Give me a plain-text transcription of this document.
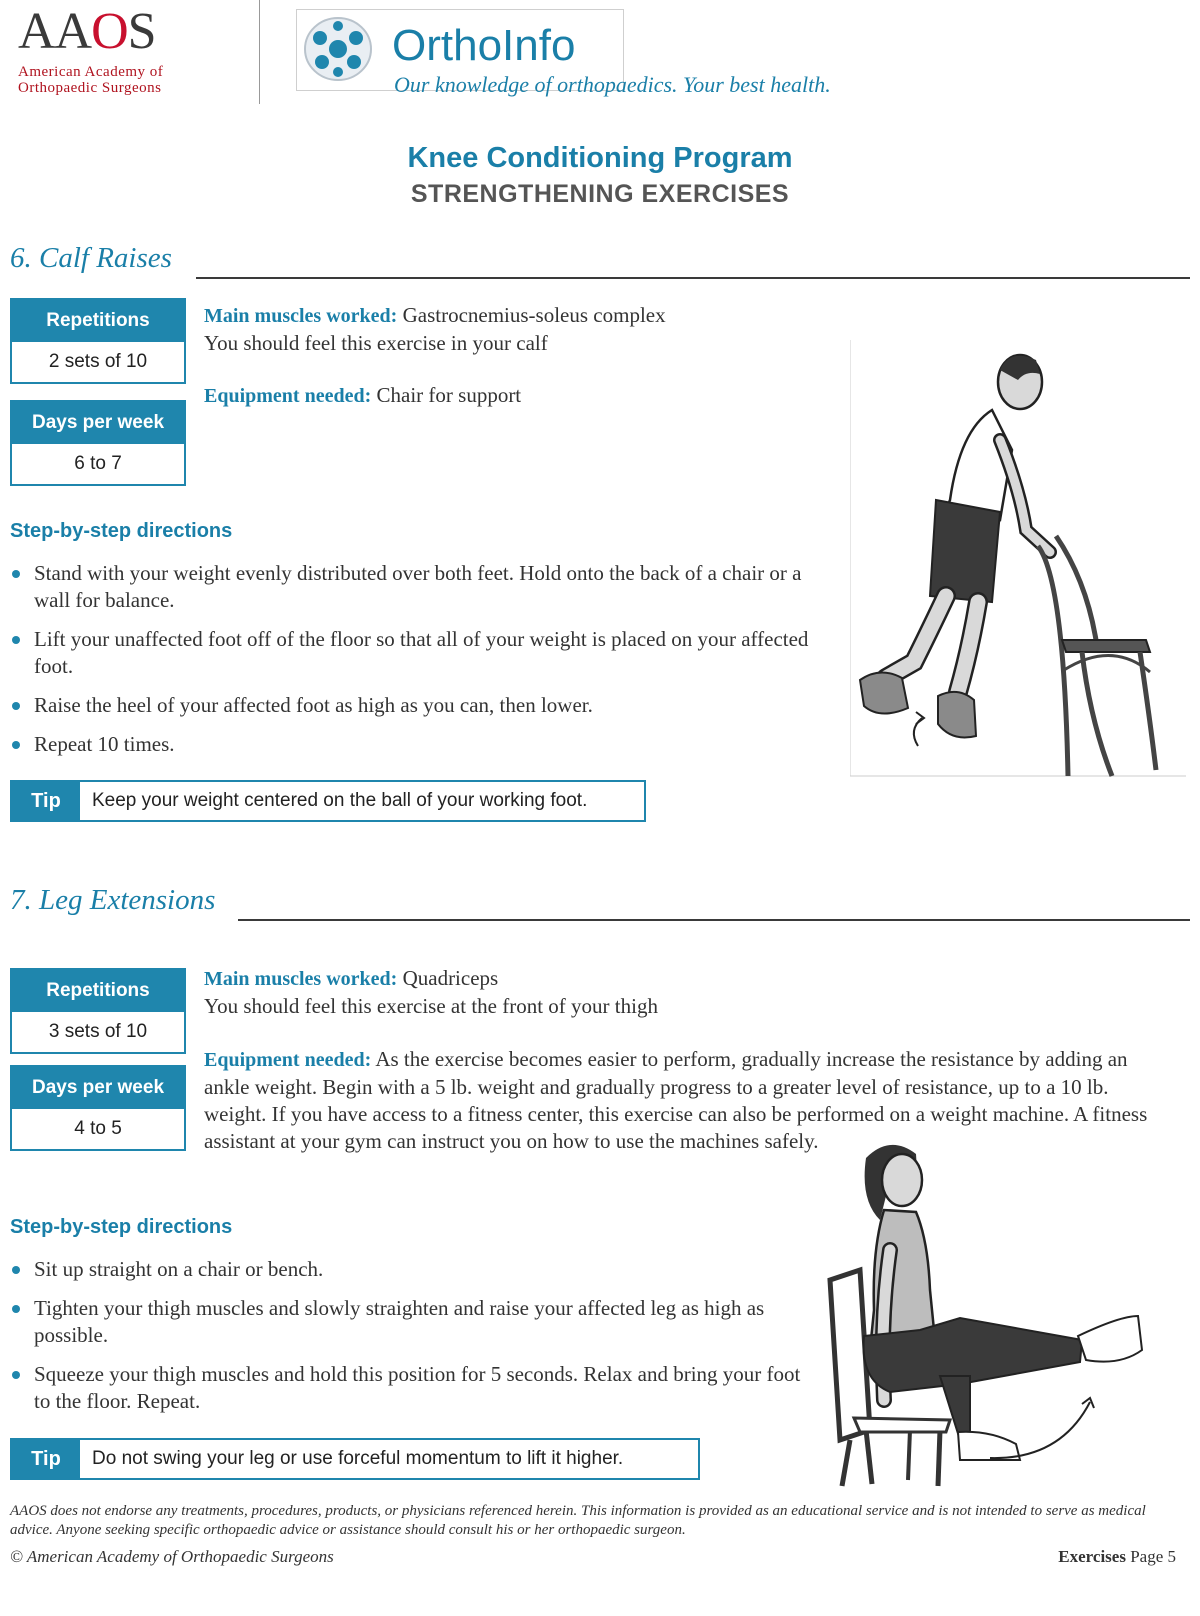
AAOS
American Academy of
Orthopaedic Surgeons
OrthoInfo
Our knowledge of orthopaedics. Your best health.
Knee Conditioning Program
STRENGTHENING EXERCISES
6. Calf Raises
Repetitions
2 sets of 10
Days per week
6 to 7
Main muscles worked: Gastrocnemius-soleus complex
You should feel this exercise in your calf
Equipment needed: Chair for support
Step-by-step directions
Stand with your weight evenly distributed over both feet. Hold onto the back of a chair or a wall for balance.
Lift your unaffected foot off of the floor so that all of your weight is placed on your affected foot.
Raise the heel of your affected foot as high as you can, then lower.
Repeat 10 times.
Tip	Keep your weight centered on the ball of your working foot.
7. Leg Extensions
Repetitions
3 sets of 10
Days per week
4 to 5
Main muscles worked: Quadriceps
You should feel this exercise at the front of your thigh
Equipment needed: As the exercise becomes easier to perform, gradually increase the resistance by adding an ankle weight. Begin with a 5 lb. weight and gradually progress to a greater level of resistance, up to a 10 lb. weight. If you have access to a fitness center, this exercise can also be performed on a weight machine. A fitness assistant at your gym can instruct you on how to use the machines safely.
Step-by-step directions
Sit up straight on a chair or bench.
Tighten your thigh muscles and slowly straighten and raise your affected leg as high as possible.
Squeeze your thigh muscles and hold this position for 5 seconds. Relax and bring your foot to the floor. Repeat.
Tip	Do not swing your leg or use forceful momentum to lift it higher.
AAOS does not endorse any treatments, procedures, products, or physicians referenced herein. This information is provided as an educational service and is not intended to serve as medical advice. Anyone seeking specific orthopaedic advice or assistance should consult his or her orthopaedic surgeon.
© American Academy of Orthopaedic Surgeons	Exercises Page 5
